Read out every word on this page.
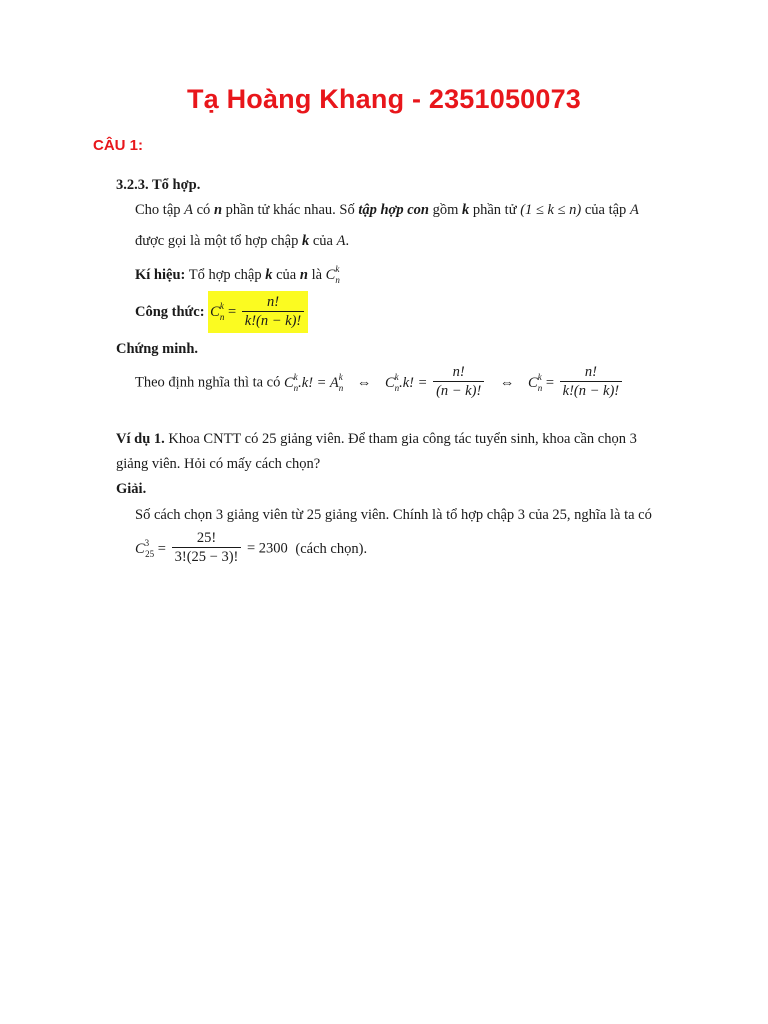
Tạ Hoàng Khang - 2351050073
CÂU 1:
3.2.3. Tổ hợp.
Cho tập A có n phần tử khác nhau. Số tập hợp con gồm k phần tử (1 ≤ k ≤ n) của tập A
được gọi là một tổ hợp chập k của A.
Kí hiệu: Tổ hợp chập k của n là $C^k_n$
Công thức: $C^k_n = \frac{n!}{k!(n - k)!}$
Chứng minh.
Theo định nghĩa thì ta có $C^k_n.k$! = $A^k_n$ ⇔ $C^k_n.k$! = $\frac{n!}{(n - k)!}$ ⇔ $C^k_n = \frac{n!}{k!(n - k)!}$
Ví dụ 1. Khoa CNTT có 25 giảng viên. Để tham gia công tác tuyển sinh, khoa cần chọn 3
giảng viên. Hỏi có mấy cách chọn?
Giải.
Số cách chọn 3 giảng viên từ 25 giảng viên. Chính là tổ hợp chập 3 của 25, nghĩa là ta có
$C^3_{25} = \frac{25!}{3!(25 - 3)!} = 2300$ (cách chọn).
